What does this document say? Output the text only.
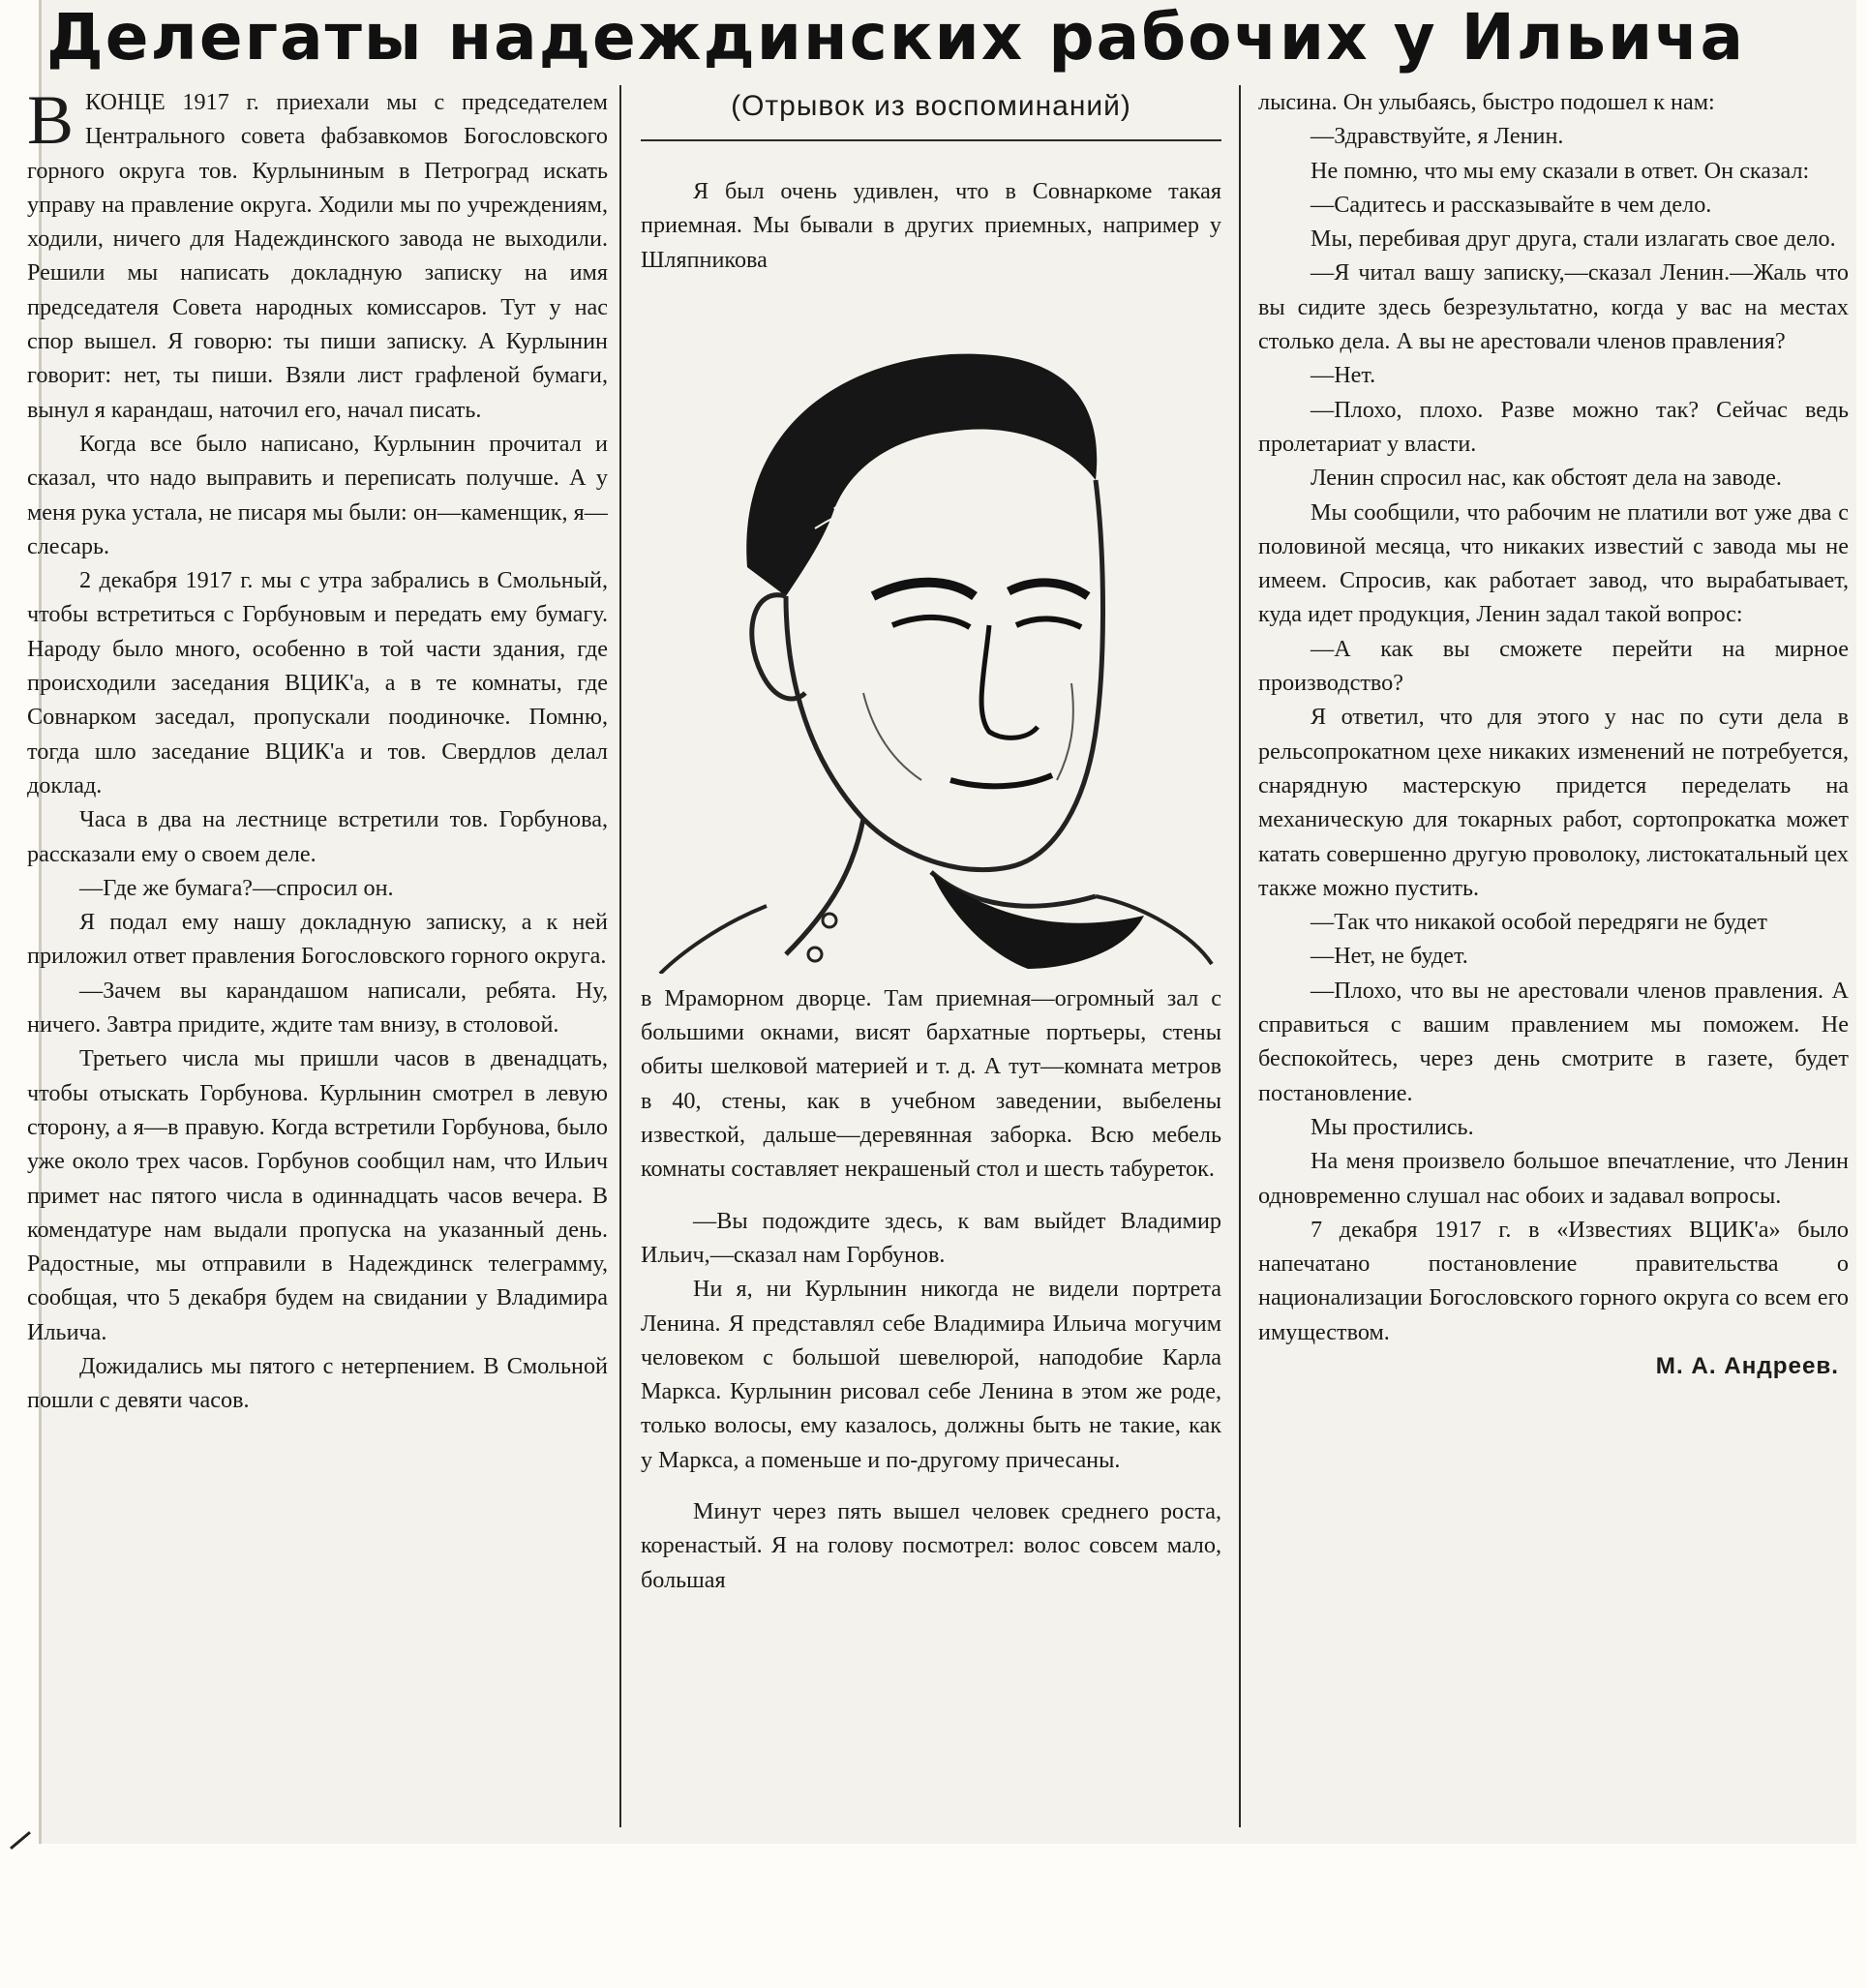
Делегаты надеждинских рабочих у Ильича

ВКОНЦЕ 1917 г. приехали мы с председателем Центрального совета фабзавкомов Богословского горного округа тов. Курлыниным в Петроград искать управу на правление округа. Ходили мы по учреждениям, ходили, ничего для Надеждинского завода не выходили. Решили мы написать докладную записку на имя председателя Совета народных комиссаров. Тут у нас спор вышел. Я говорю: ты пиши записку. А Курлынин говорит: нет, ты пиши. Взяли лист графленой бумаги, вынул я карандаш, наточил его, начал писать.

Когда все было написано, Курлынин прочитал и сказал, что надо выправить и переписать получше. А у меня рука устала, не писаря мы были: он—каменщик, я—слесарь.

2 декабря 1917 г. мы с утра забрались в Смольный, чтобы встретиться с Горбуновым и передать ему бумагу. Народу было много, особенно в той части здания, где происходили заседания ВЦИК'а, а в те комнаты, где Совнарком заседал, пропускали поодиночке. Помню, тогда шло заседание ВЦИК'а и тов. Свердлов делал доклад.

Часа в два на лестнице встретили тов. Горбунова, рассказали ему о своем деле.

—Где же бумага?—спросил он.

Я подал ему нашу докладную записку, а к ней приложил ответ правления Богословского горного округа.

—Зачем вы карандашом написали, ребята. Ну, ничего. Завтра придите, ждите там внизу, в столовой.

Третьего числа мы пришли часов в двенадцать, чтобы отыскать Горбунова. Курлынин смотрел в левую сторону, а я—в правую. Когда встретили Горбунова, было уже около трех часов. Горбунов сообщил нам, что Ильич примет нас пятого числа в одиннадцать часов вечера. В комендатуре нам выдали пропуска на указанный день. Радостные, мы отправили в Надеждинск телеграмму, сообщая, что 5 декабря будем на свидании у Владимира Ильича.

Дожидались мы пятого с нетерпением. В Смольной пошли с девяти часов.

(Отрывок из воспоминаний)

Я был очень удивлен, что в Совнаркоме такая приемная. Мы бывали в других приемных, например у Шляпникова

в Мраморном дворце. Там приемная—огромный зал с большими окнами, висят бархатные портьеры, стены обиты шелковой материей и т. д. А тут—комната метров в 40, стены, как в учебном заведении, выбелены известкой, дальше—деревянная заборка. Всю мебель комнаты составляет некрашеный стол и шесть табуреток.

—Вы подождите здесь, к вам выйдет Владимир Ильич,—сказал нам Горбунов.

Ни я, ни Курлынин никогда не видели портрета Ленина. Я представлял себе Владимира Ильича могучим человеком с большой шевелюрой, наподобие Карла Маркса. Курлынин рисовал себе Ленина в этом же роде, только волосы, ему казалось, должны быть не такие, как у Маркса, а поменьше и по-другому причесаны.

Минут через пять вышел человек среднего роста, коренастый. Я на голову посмотрел: волос совсем мало, большая

лысина. Он улыбаясь, быстро подошел к нам:

—Здравствуйте, я Ленин.

Не помню, что мы ему сказали в ответ. Он сказал:

—Садитесь и рассказывайте в чем дело.

Мы, перебивая друг друга, стали излагать свое дело.

—Я читал вашу записку,—сказал Ленин.—Жаль что вы сидите здесь безрезультатно, когда у вас на местах столько дела. А вы не арестовали членов правления?

—Нет.

—Плохо, плохо. Разве можно так? Сейчас ведь пролетариат у власти.

Ленин спросил нас, как обстоят дела на заводе.

Мы сообщили, что рабочим не платили вот уже два с половиной месяца, что никаких известий с завода мы не имеем. Спросив, как работает завод, что вырабатывает, куда идет продукция, Ленин задал такой вопрос:

—А как вы сможете перейти на мирное производство?

Я ответил, что для этого у нас по сути дела в рельсопрокатном цехе никаких изменений не потребуется, снарядную мастерскую придется переделать на механическую для токарных работ, сортопрокатка может катать совершенно другую проволоку, листокатальный цех также можно пустить.

—Так что никакой особой передряги не будет

—Нет, не будет.

—Плохо, что вы не арестовали членов правления. А справиться с вашим правлением мы поможем. Не беспокойтесь, через день смотрите в газете, будет постановление.

Мы простились.

На меня произвело большое впечатление, что Ленин одновременно слушал нас обоих и задавал вопросы.

7 декабря 1917 г. в «Известиях ВЦИК'а» было напечатано постановление правительства о национализации Богословского горного округа со всем его имуществом.

М. А. Андреев.
